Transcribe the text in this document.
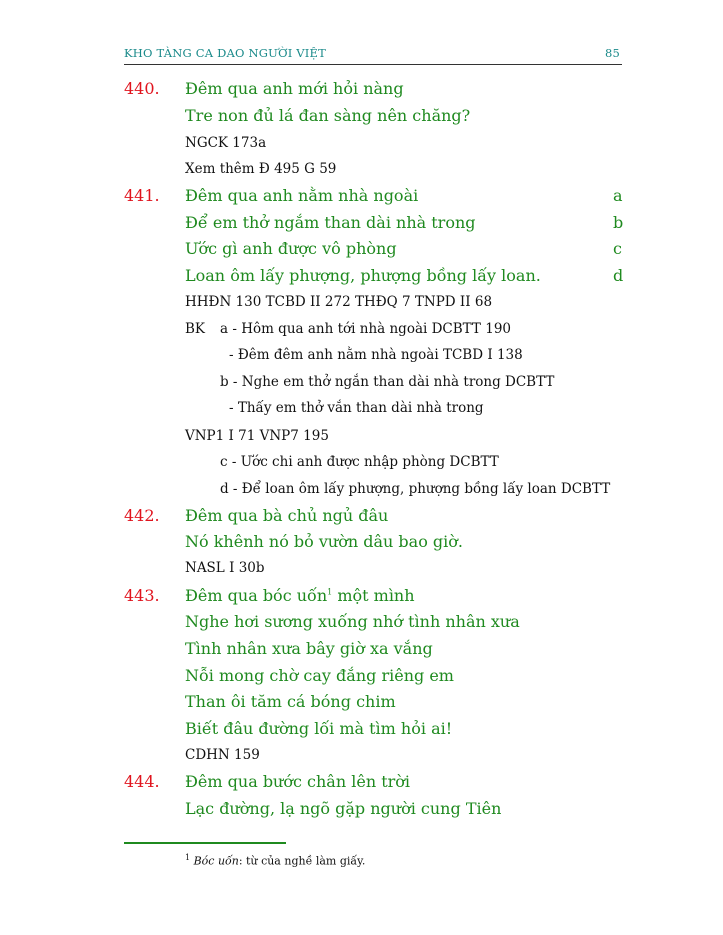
KHO TÀNG CA DAO NGƯỜI VIỆT	85
440. Đêm qua anh mới hỏi nàng
Tre non đủ lá đan sàng nên chăng?
NGCK 173a
Xem thêm Đ 495 G 59
441. Đêm qua anh nằm nhà ngoài	a
Để em thở ngắm than dài nhà trong	b
Ước gì anh được vô phòng	c
Loan ôm lấy phượng, phượng bồng lấy loan.	d
HHĐN 130 TCBD II 272 THĐQ 7 TNPD II 68
BK a - Hôm qua anh tới nhà ngoài DCBTT 190
- Đêm đêm anh nằm nhà ngoài TCBD I 138
b - Nghe em thở ngắn than dài nhà trong DCBTT
- Thấy em thở vắn than dài nhà trong
VNP1 I 71 VNP7 195
c - Ước chi anh được nhập phòng DCBTT
d - Để loan ôm lấy phượng, phượng bồng lấy loan DCBTT
442. Đêm qua bà chủ ngủ đâu
Nó khênh nó bỏ vườn dâu bao giờ.
NASL I 30b
443. Đêm qua bóc uốn$^1$ một mình
Nghe hơi sương xuống nhớ tình nhân xưa
Tình nhân xưa bây giờ xa vắng
Nỗi mong chờ cay đắng riêng em
Than ôi tăm cá bóng chim
Biết đâu đường lối mà tìm hỏi ai!
CDHN 159
444. Đêm qua bước chân lên trời
Lạc đường, lạ ngõ gặp người cung Tiên
$^1$ Bóc uốn: từ của nghề làm giấy.
